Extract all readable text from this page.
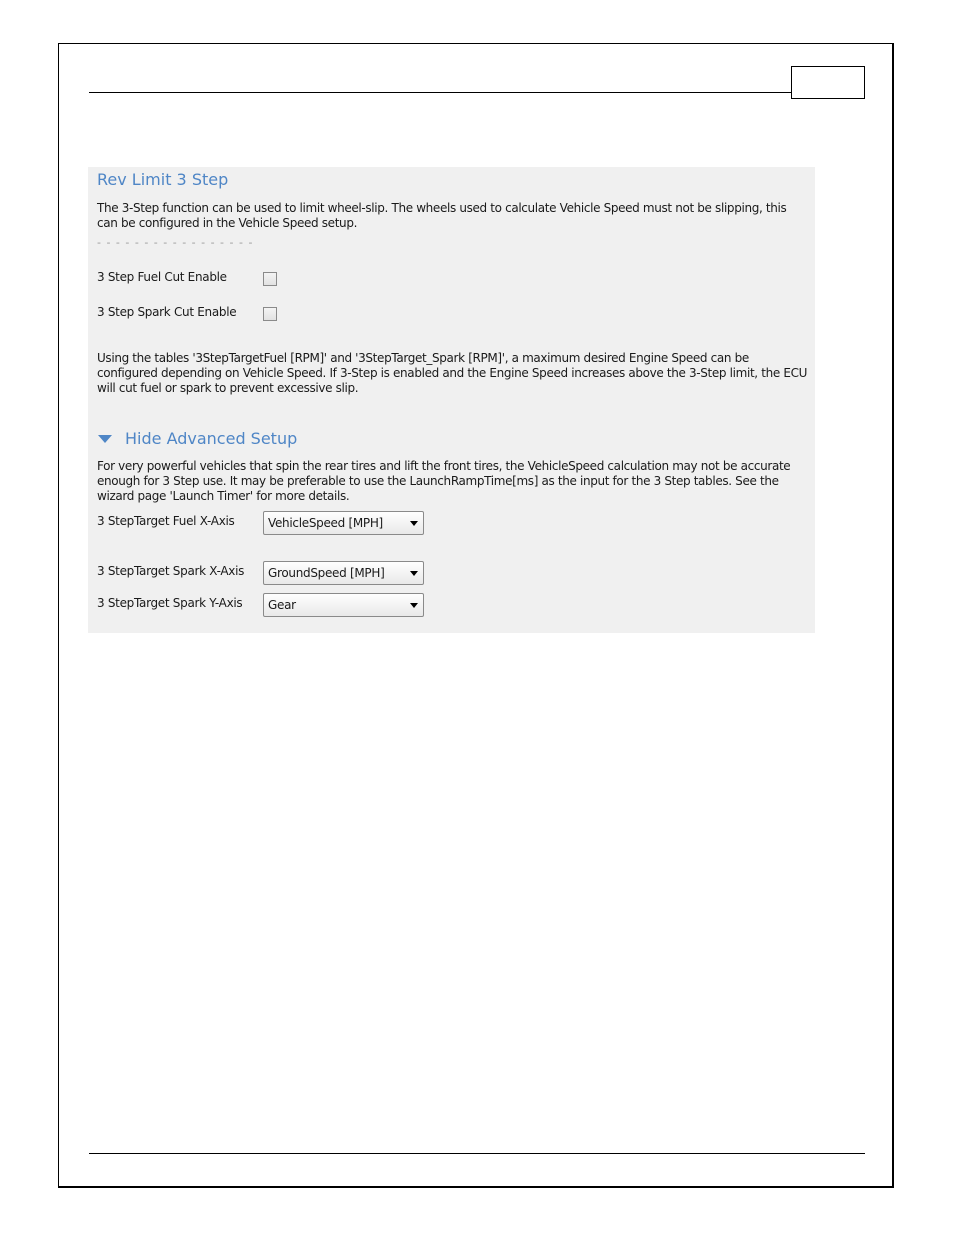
Rev Limit 3 Step
The 3-Step function can be used to limit wheel-slip. The wheels used to calculate Vehicle Speed must not be slipping, this can be configured in the Vehicle Speed setup.
- - - - - - - - - - - - - - - - -
3 Step Fuel Cut Enable
3 Step Spark Cut Enable
Using the tables '3StepTargetFuel [RPM]' and '3StepTarget_Spark [RPM]', a maximum desired Engine Speed can be configured depending on Vehicle Speed. If 3-Step is enabled and the Engine Speed increases above the 3-Step limit, the ECU will cut fuel or spark to prevent excessive slip.
Hide Advanced Setup
For very powerful vehicles that spin the rear tires and lift the front tires, the VehicleSpeed calculation may not be accurate enough for 3 Step use. It may be preferable to use the LaunchRampTime[ms] as the input for the 3 Step tables. See the wizard page 'Launch Timer' for more details.
3 StepTarget Fuel X-Axis	VehicleSpeed [MPH]
3 StepTarget Spark X-Axis GroundSpeed [MPH]
3 StepTarget Spark Y-Axis Gear
